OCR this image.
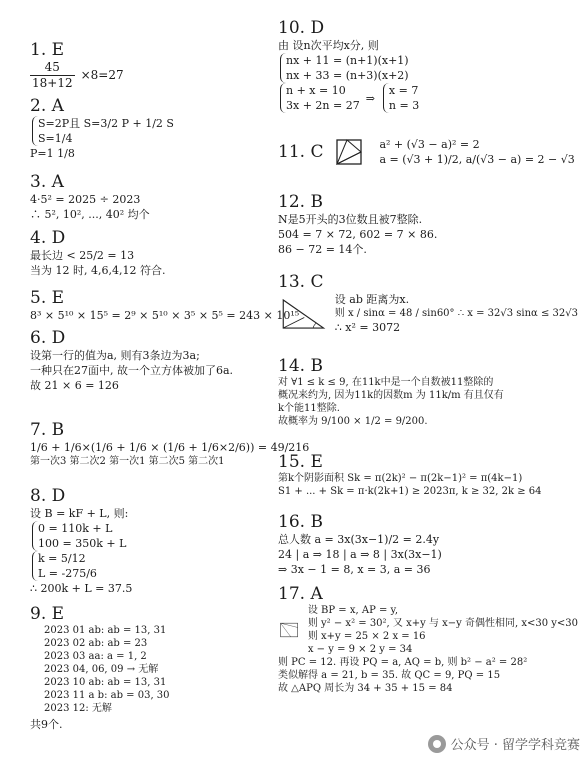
1. E
$\frac{45}{18+12} \times 8=27$
2. A
S=2P且 S=3/2 P + 1/2 S
S=1/4
P=1 1/8
3. A
4·5² = 2025 ÷ 2023
∴ 5², 10², ..., 40² 均个
4. D
最长边 < 25/2 = 13
当为 12 时, 4,6,4,12 符合.
5. E
8³ × 5¹⁰ × 15⁵ = 2⁹ × 5¹⁰ × 3⁵ × 5⁵ = 243 × 10¹⁵
6. D
设第一行的值为a, 则有3条边为3a;
一种只在27面中, 故一个立方体被加了6a.
故 21 × 6 = 126
7. B
1/6 + 1/6×(1/6 + 1/6 × (1/6 + 1/6×2/6)) = 49/216
第一次3 第二次2 第一次1 第二次5 第二次1
8. D
设 B = kF + L, 则:
0 = 110k + L
100 = 350k + L
k = 5/12
L = -275/6
∴ 200k + L = 37.5
9. E
2023 01 ab: ab = 13, 31
2023 02 ab: ab = 23
2023 03 aa: a = 1, 2
2023 04, 06, 09 → 无解
2023 10 ab: ab = 13, 31
2023 11 a b: ab = 03, 30
2023 12: 无解
共9个.
10. D
由 设n次平均x分, 则
nx + 11 = (n+1)(x+1)
nx + 33 = (n+3)(x+2)
n + x = 10
3x + 2n = 27
⇒
x = 7
n = 3
11. C	a² + (√3 − a)² = 2
a = (√3 + 1)/2, a/(√3 − a) = 2 − √3
12. B
N是5开头的3位数且被7整除.
504 = 7 × 72, 602 = 7 × 86.
86 − 72 = 14个.
13. C
设 ab 距离为x.
则 x / sinα = 48 / sin60° ∴ x = 32√3 sinα ≤ 32√3
∴ x² = 3072
14. B
对 ∀1 ≤ k ≤ 9, 在11k中是一个自数被11整除的
概况来约为, 因为11k的因数m 为 11k/m 有且仅有
k个能11整除.
故概率为 9/100 × 1/2 = 9/200.
15. E
第k个阴影面积 Sk = π(2k)² − π(2k−1)² = π(4k−1)
S1 + ... + Sk = π·k(2k+1) ≥ 2023π, k ≥ 32, 2k ≥ 64
16. B
总人数 a = 3x(3x−1)/2 = 2.4y
24 | a ⇒ 18 | a ⇒ 8 | 3x(3x−1)
⇒ 3x − 1 = 8, x = 3, a = 36
17. A
设 BP = x, AP = y,
则 y² − x² = 30², 又 x+y 与 x−y 奇偶性相同, x<30 y<30
则 x+y = 25 × 2 x = 16
x − y = 9 × 2 y = 34
则 PC = 12. 再设 PQ = a, AQ = b, 则 b² − a² = 28²
类似解得 a = 21, b = 35. 故 QC = 9, PQ = 15
故 △APQ 周长为 34 + 35 + 15 = 84
公众号 · 留学学科竞赛
